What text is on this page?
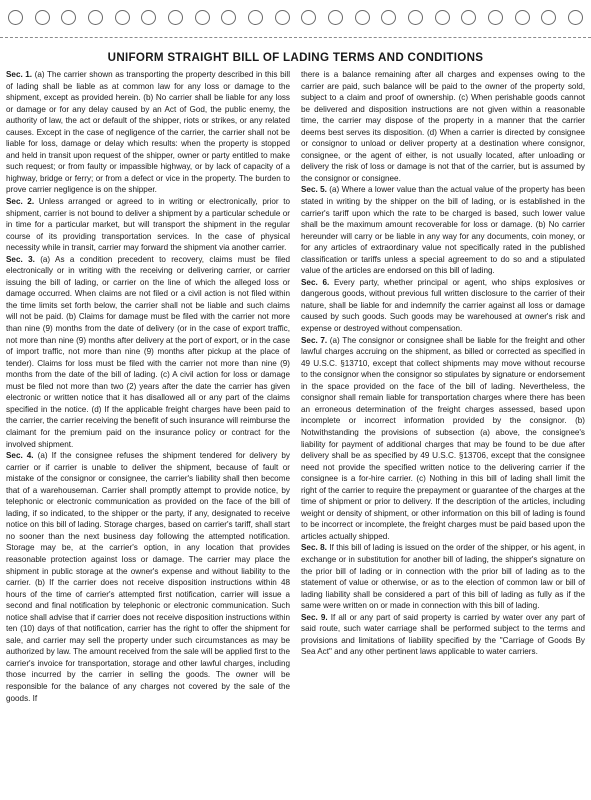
UNIFORM STRAIGHT BILL OF LADING TERMS AND CONDITIONS

Sec. 1. (a) The carrier shown as transporting the property described in this bill of lading shall be liable as at common law for any loss or damage to the shipment, except as provided herein. (b) No carrier shall be liable for any loss or damage or for any delay caused by an Act of God, the public enemy, the authority of law, the act or default of the shipper, riots or strikes, or any related causes. Except in the case of negligence of the carrier, the carrier shall not be liable for loss, damage or delay which results: when the property is stopped and held in transit upon request of the shipper, owner or party entitled to make such request; or from faulty or impassible highway, or by lack of capacity of a highway, bridge or ferry; or from a defect or vice in the property. The burden to prove carrier negligence is on the shipper.

Sec. 2. Unless arranged or agreed to in writing or electronically, prior to shipment, carrier is not bound to deliver a shipment by a particular schedule or in time for a particular market, but will transport the shipment in the regular course of its providing transportation services. In the case of physical necessity while in transit, carrier may forward the shipment via another carrier.

Sec. 3. (a) As a condition precedent to recovery, claims must be filed electronically or in writing with the receiving or delivering carrier, or carrier issuing the bill of lading, or carrier on the line of which the alleged loss or damage occurred. When claims are not filed or a civil action is not filed within the time limits set forth below, the carrier shall not be liable and such claims will not be paid. (b) Claims for damage must be filed with the carrier not more than nine (9) months from the date of delivery (or in the case of export traffic, not more than nine (9) months after delivery at the port of export, or in the case of import traffic, not more than nine (9) months after pickup at the place of tender). Claims for loss must be filed with the carrier not more than nine (9) months from the date of the bill of lading. (c) A civil action for loss or damage must be filed not more than two (2) years after the date the carrier has given electronic or written notice that it has disallowed all or any part of the claims specified in the notice. (d) If the applicable freight charges have been paid to the carrier, the carrier receiving the benefit of such insurance will reimburse the claimant for the premium paid on the insurance policy or contract for the involved shipment.

Sec. 4. (a) If the consignee refuses the shipment tendered for delivery by carrier or if carrier is unable to deliver the shipment, because of fault or mistake of the consignor or consignee, the carrier's liability shall then become that of a warehouseman. Carrier shall promptly attempt to provide notice, by telephonic or electronic communication as provided on the face of the bill of lading, if so indicated, to the shipper or the party, if any, designated to receive notice on this bill of lading. Storage charges, based on carrier's tariff, shall start no sooner than the next business day following the attempted notification. Storage may be, at the carrier's option, in any location that provides reasonable protection against loss or damage. The carrier may place the shipment in public storage at the owner's expense and without liability to the carrier. (b) If the carrier does not receive disposition instructions within 48 hours of the time of carrier's attempted first notification, carrier will issue a second and final notification by telephonic or electronic communication. Such notice shall advise that if carrier does not receive disposition instructions within ten (10) days of that notification, carrier has the right to offer the shipment for sale, and carrier may sell the property under such circumstances as may be authorized by law. The amount received from the sale will be applied first to the carrier's invoice for transportation, storage and other lawful charges, including those incurred by the carrier in selling the goods. The owner will be responsible for the balance of any charges not covered by the sale of the goods. If

there is a balance remaining after all charges and expenses owing to the carrier are paid, such balance will be paid to the owner of the property sold, subject to a claim and proof of ownership. (c) When perishable goods cannot be delivered and disposition instructions are not given within a reasonable time, the carrier may dispose of the property in a manner that the carrier deems best serves its disposition. (d) When a carrier is directed by consignee or consignor to unload or deliver property at a destination where consignor, consignee, or the agent of either, is not usually located, after unloading or delivery the risk of loss or damage is not that of the carrier, but is assumed by the consignor or consignee.

Sec. 5. (a) Where a lower value than the actual value of the property has been stated in writing by the shipper on the bill of lading, or is established in the carrier's tariff upon which the rate to be charged is based, such lower value shall be the maximum amount recoverable for loss or damage. (b) No carrier hereunder will carry or be liable in any way for any documents, coin money, or for any articles of extraordinary value not specifically rated in the published classification or tariffs unless a special agreement to do so and a stipulated value of the articles are endorsed on this bill of lading.

Sec. 6. Every party, whether principal or agent, who ships explosives or dangerous goods, without previous full written disclosure to the carrier of their nature, shall be liable for and indemnify the carrier against all loss or damage caused by such goods. Such goods may be warehoused at owner's risk and expense or destroyed without compensation.

Sec. 7. (a) The consignor or consignee shall be liable for the freight and other lawful charges accruing on the shipment, as billed or corrected as specified in 49 U.S.C. §13710, except that collect shipments may move without recourse to the consignor when the consignor so stipulates by signature or endorsement in the space provided on the face of the bill of lading. Nevertheless, the consignor shall remain liable for transportation charges where there has been an erroneous determination of the freight charges assessed, based upon incomplete or incorrect information provided by the consignor. (b) Notwithstanding the provisions of subsection (a) above, the consignee's liability for payment of additional charges that may be found to be due after delivery shall be as specified by 49 U.S.C. §13706, except that the consignee need not provide the specified written notice to the delivering carrier if the consignee is a for-hire carrier. (c) Nothing in this bill of lading shall limit the right of the carrier to require the prepayment or guarantee of the charges at the time of shipment or prior to delivery. If the description of the articles, including weight or density of shipment, or other information on this bill of lading is found to be incorrect or incomplete, the freight charges must be paid based upon the articles actually shipped.

Sec. 8. If this bill of lading is issued on the order of the shipper, or his agent, in exchange or in substitution for another bill of lading, the shipper's signature on the prior bill of lading or in connection with the prior bill of lading as to the statement of value or otherwise, or as to the election of common law or bill of lading liability shall be considered a part of this bill of lading as fully as if the same were written on or made in connection with this bill of lading.

Sec. 9. If all or any part of said property is carried by water over any part of said route, such water carriage shall be performed subject to the terms and provisions and limitations of liability specified by the "Carriage of Goods By Sea Act" and any other pertinent laws applicable to water carriers.
